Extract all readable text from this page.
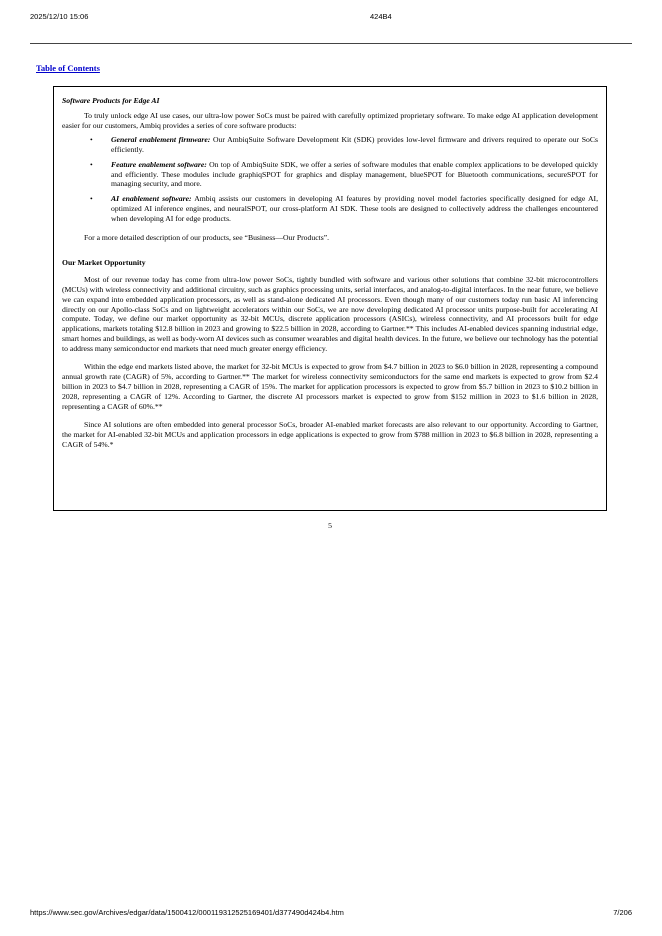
2025/12/10 15:06	424B4
Table of Contents

Software Products for Edge AI

To truly unlock edge AI use cases, our ultra-low power SoCs must be paired with carefully optimized proprietary software. To make edge AI application development easier for our customers, Ambiq provides a series of core software products:

•	General enablement firmware: Our AmbiqSuite Software Development Kit (SDK) provides low-level firmware and drivers required to operate our SoCs efficiently.
•	Feature enablement software: On top of AmbiqSuite SDK, we offer a series of software modules that enable complex applications to be developed quickly and efficiently. These modules include graphiqSPOT for graphics and display management, blueSPOT for Bluetooth communications, secureSPOT for managing security, and more.
•	AI enablement software: Ambiq assists our customers in developing AI features by providing novel model factories specifically designed for edge AI, optimized AI inference engines, and neuralSPOT, our cross-platform AI SDK. These tools are designed to collectively address the challenges encountered when developing AI for edge products.

For a more detailed description of our products, see “Business—Our Products”.

Our Market Opportunity

Most of our revenue today has come from ultra-low power SoCs, tightly bundled with software and various other solutions that combine 32-bit microcontrollers (MCUs) with wireless connectivity and additional circuitry, such as graphics processing units, serial interfaces, and analog-to-digital interfaces. In the near future, we believe we can expand into embedded application processors, as well as stand-alone dedicated AI processors. Even though many of our customers today run basic AI inferencing directly on our Apollo-class SoCs and on lightweight accelerators within our SoCs, we are now developing dedicated AI processor units purpose-built for accelerating AI compute. Today, we define our market opportunity as 32-bit MCUs, discrete application processors (ASICs), wireless connectivity, and AI processors built for edge applications, markets totaling $12.8 billion in 2023 and growing to $22.5 billion in 2028, according to Gartner.** This includes AI-enabled devices spanning industrial edge, smart homes and buildings, as well as body-worn AI devices such as consumer wearables and digital health devices. In the future, we believe our technology has the potential to address many semiconductor end markets that need much greater energy efficiency.

Within the edge end markets listed above, the market for 32-bit MCUs is expected to grow from $4.7 billion in 2023 to $6.0 billion in 2028, representing a compound annual growth rate (CAGR) of 5%, according to Gartner.** The market for wireless connectivity semiconductors for the same end markets is expected to grow from $2.4 billion in 2023 to $4.7 billion in 2028, representing a CAGR of 15%. The market for application processors is expected to grow from $5.7 billion in 2023 to $10.2 billion in 2028, representing a CAGR of 12%. According to Gartner, the discrete AI processors market is expected to grow from $152 million in 2023 to $1.6 billion in 2028, representing a CAGR of 60%.**

Since AI solutions are often embedded into general processor SoCs, broader AI-enabled market forecasts are also relevant to our opportunity. According to Gartner, the market for AI-enabled 32-bit MCUs and application processors in edge applications is expected to grow from $788 million in 2023 to $6.8 billion in 2028, representing a CAGR of 54%.*

5
https://www.sec.gov/Archives/edgar/data/1500412/000119312525169401/d377490d424b4.htm	7/206
